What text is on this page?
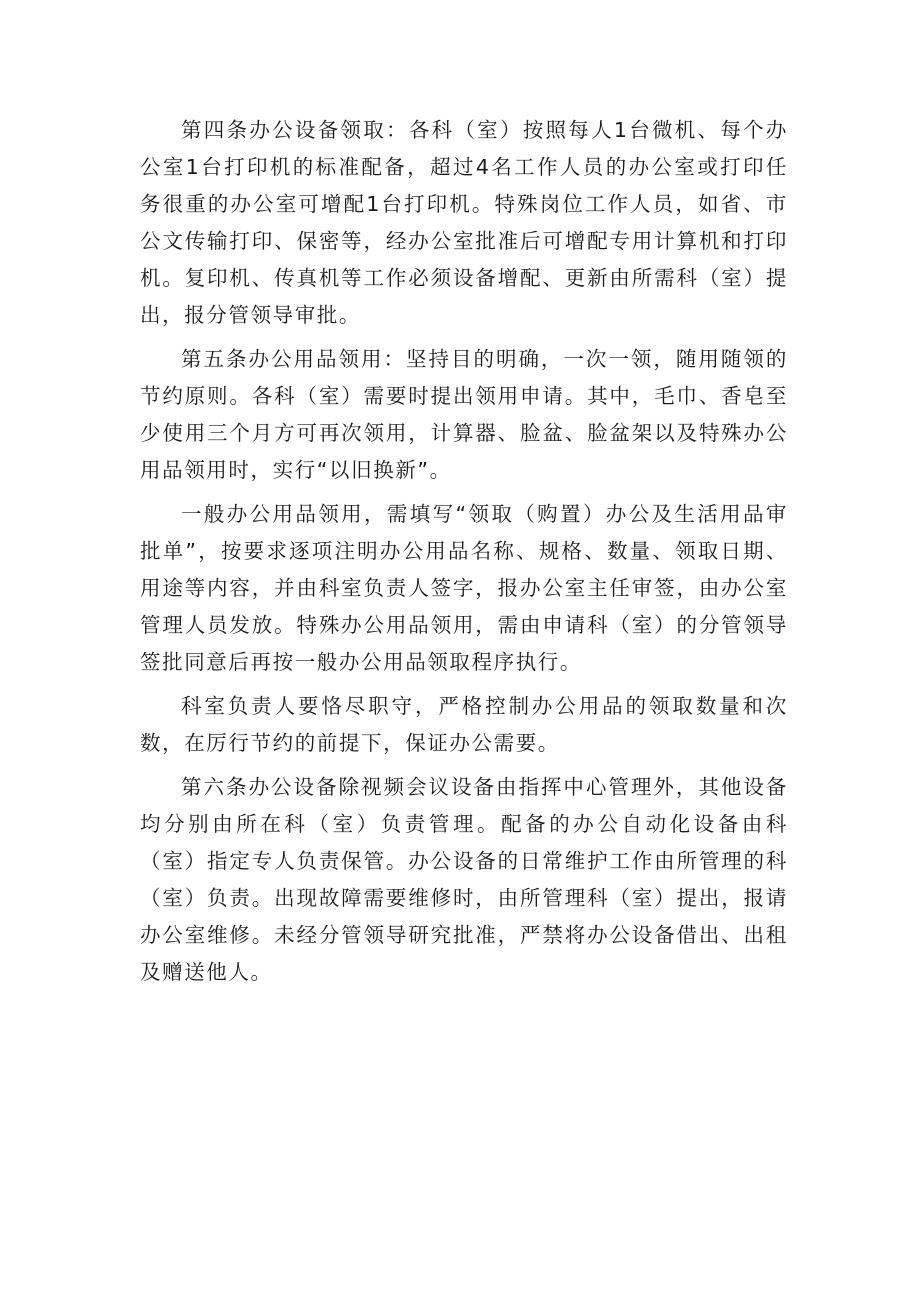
第四条办公设备领取：各科（室）按照每人1台微机、每个办公室1台打印机的标准配备，超过4名工作人员的办公室或打印任务很重的办公室可增配1台打印机。特殊岗位工作人员，如省、市公文传输打印、保密等，经办公室批准后可增配专用计算机和打印机。复印机、传真机等工作必须设备增配、更新由所需科（室）提出，报分管领导审批。

第五条办公用品领用：坚持目的明确，一次一领，随用随领的节约原则。各科（室）需要时提出领用申请。其中，毛巾、香皂至少使用三个月方可再次领用，计算器、脸盆、脸盆架以及特殊办公用品领用时，实行“以旧换新”。

一般办公用品领用，需填写“领取（购置）办公及生活用品审批单”，按要求逐项注明办公用品名称、规格、数量、领取日期、用途等内容，并由科室负责人签字，报办公室主任审签，由办公室管理人员发放。特殊办公用品领用，需由申请科（室）的分管领导签批同意后再按一般办公用品领取程序执行。

科室负责人要恪尽职守，严格控制办公用品的领取数量和次数，在厉行节约的前提下，保证办公需要。

第六条办公设备除视频会议设备由指挥中心管理外，其他设备均分别由所在科（室）负责管理。配备的办公自动化设备由科（室）指定专人负责保管。办公设备的日常维护工作由所管理的科（室）负责。出现故障需要维修时，由所管理科（室）提出，报请办公室维修。未经分管领导研究批准，严禁将办公设备借出、出租及赠送他人。
